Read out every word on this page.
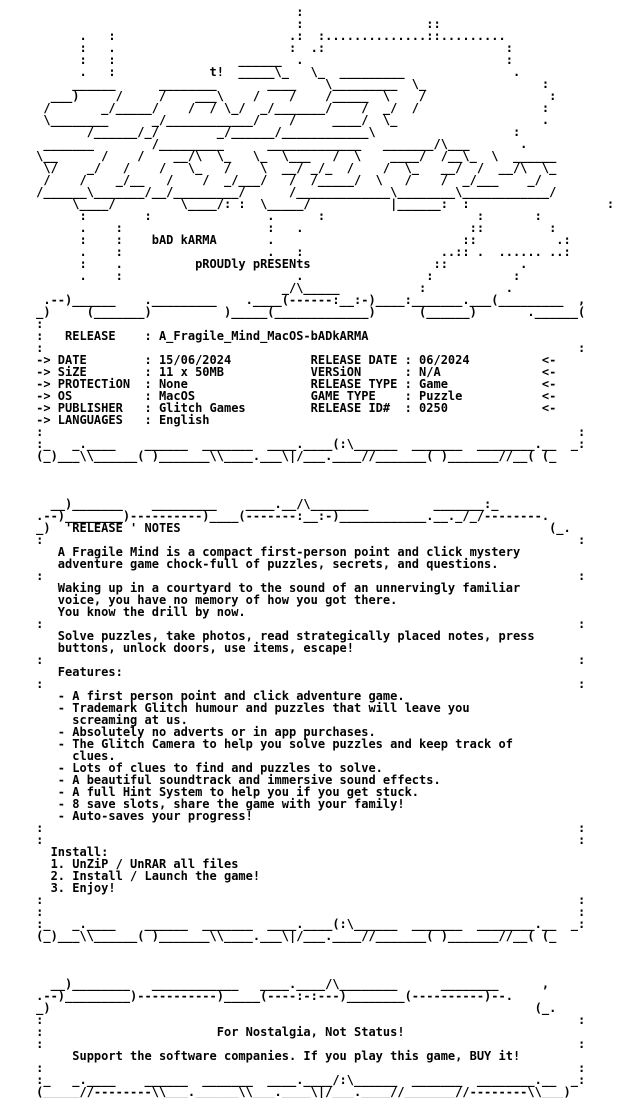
:
:                 ::
.   :                        .:  :..............::.........
:   .                        :  .:                         :
:   :                 ______  .                            :
.   :             t!  _____\_   \_  _________               .
______      ________       ____    \_________  \_                :
___)     /     /    ___\    /    /    /_____  \    /                 :
/       _/_____/    /  / \_/  _/_______/    /  _/  /                 :
\________      _/____________/    /     ____/  \_                    .
/______/_/        _/______/____________\                   :
_______        /_________      _____________   _______/\___       .
\__      /    /    __/\  \_   \_  \___   /  \    ____/  /__\_  \  ______
\/    _/   /    /   \_   /    \  __/ _/_  /    /  \_   __/  /  __/\  \_
/    /    _/__   /    /  _/___/   /  /_____/  \   /    /  _/___    _/
/______\_______/__/_________/      /_____________\________\____________/
\____/         \____/: :  \_____/           |______:  :                   :
:        :                .      :                     :       :
.    :                    :   .                       ::         :
:    :    bAD kARMA       .                          ::           .:
.    :                    .   :                   ..:: .  ...... ..:
:    .          pROUDly pRESENts                 ::          .
.    :                        .                 :           :
_/\_____           :           .
.--)______    ._________    .____(------:__:-)____:_______.___(_________  ,
_)     (_______)          )_____(_____________)      (______)       .______(
:
:   RELEASE    : A_Fragile_Mind_MacOS-bADkARMA
:                                                                          :
-> DATE        : 15/06/2024           RELEASE DATE : 06/2024          <-
-> SiZE        : 11 x 50MB            VERSiON      : N/A              <-
-> PROTECTiON  : None                 RELEASE TYPE : Game             <-
-> OS          : MacOS                GAME TYPE    : Puzzle           <-
-> PUBLISHER   : Glitch Games         RELEASE ID#  : 0250             <-
-> LANGUAGES   : English
:                                                                          :
:_   _.____    ______  _______  ____.____(:\______  _______  ________.__  _:
(_)___\\______( )_______\\____.___\|/___.____//_______( )_______//__( (_

__)_______    _________    ____.__/\________         _______:_
.--)________)----------)____(-------:__:-)____________.__._/_/--------.
_)  'RELEASE ' NOTES                                                   (_.
:                                                                          :
A Fragile Mind is a compact first-person point and click mystery
adventure game chock-full of puzzles, secrets, and questions.
:                                                                          :
Waking up in a courtyard to the sound of an unnervingly familiar
voice, you have no memory of how you got there.
You know the drill by now.
:                                                                          :
Solve puzzles, take photos, read strategically placed notes, press
buttons, unlock doors, use items, escape!
:                                                                          :
Features:
:                                                                          :
- A first person point and click adventure game.
- Trademark Glitch humour and puzzles that will leave you
screaming at us.
- Absolutely no adverts or in app purchases.
- The Glitch Camera to help you solve puzzles and keep track of
clues.
- Lots of clues to find and puzzles to solve.
- A beautiful soundtrack and immersive sound effects.
- A full Hint System to help you if you get stuck.
- 8 save slots, share the game with your family!
- Auto-saves your progress!
:                                                                          :
:                                                                          :
Install:
1. UnZiP / UnRAR all files
2. Install / Launch the game!
3. Enjoy!
:                                                                          :
:                                                                          :
:_   _.____    ______  _______  ____.____(:\______  _______  ________.__  _:
(_)___\\______( )_______\\____.___\|/___.____//_______( )_______//__( (_

__)________   ____________   ____.____/\________      ________      ,
.--)_________)-----------)_____(----:-:---)________(----------)--.
_)                                                                   (_.
:                                                                          :
:                        For Nostalgia, Not Status!
:                                                                          :
Support the software companies. If you play this game, BUY it!
:                                                                          :
:_   _.____    ______  _______  ____.____/:\______  _______  ________.__  _:
(_____//--------\\___.______\\___.____\|/___.____//_______//--------\\___)
